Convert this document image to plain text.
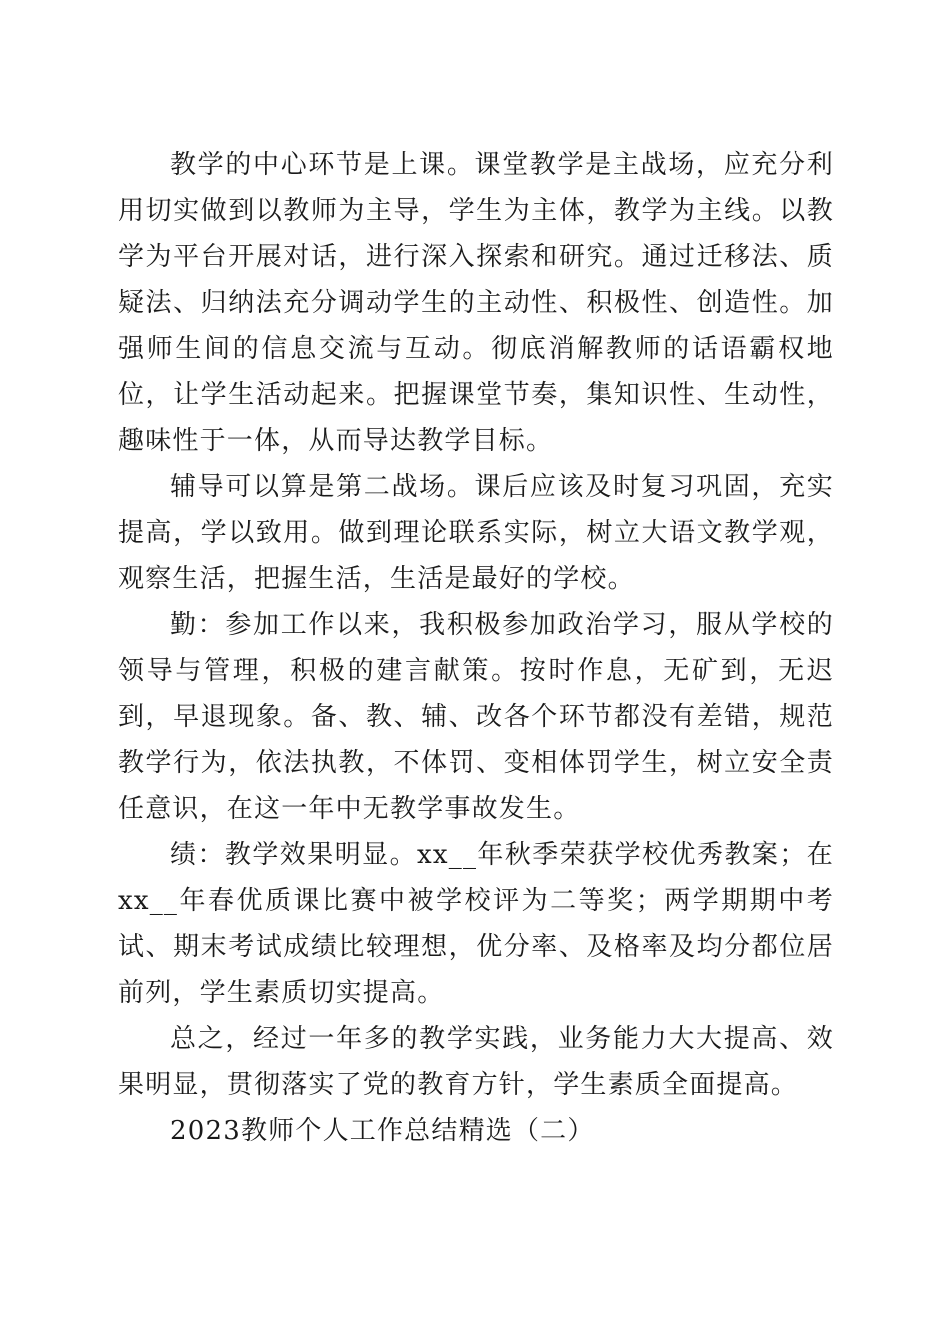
教学的中心环节是上课。课堂教学是主战场，应充分利用切实做到以教师为主导，学生为主体，教学为主线。以教学为平台开展对话，进行深入探索和研究。通过迁移法、质疑法、归纳法充分调动学生的主动性、积极性、创造性。加强师生间的信息交流与互动。彻底消解教师的话语霸权地位，让学生活动起来。把握课堂节奏，集知识性、生动性，趣味性于一体，从而导达教学目标。

辅导可以算是第二战场。课后应该及时复习巩固，充实提高，学以致用。做到理论联系实际，树立大语文教学观，观察生活，把握生活，生活是最好的学校。

勤：参加工作以来，我积极参加政治学习，服从学校的领导与管理，积极的建言献策。按时作息，无矿到，无迟到，早退现象。备、教、辅、改各个环节都没有差错，规范教学行为，依法执教，不体罚、变相体罚学生，树立安全责任意识，在这一年中无教学事故发生。

绩：教学效果明显。xx__年秋季荣获学校优秀教案；在xx__年春优质课比赛中被学校评为二等奖；两学期期中考试、期末考试成绩比较理想，优分率、及格率及均分都位居前列，学生素质切实提高。

总之，经过一年多的教学实践，业务能力大大提高、效果明显，贯彻落实了党的教育方针，学生素质全面提高。

2023教师个人工作总结精选（二）
